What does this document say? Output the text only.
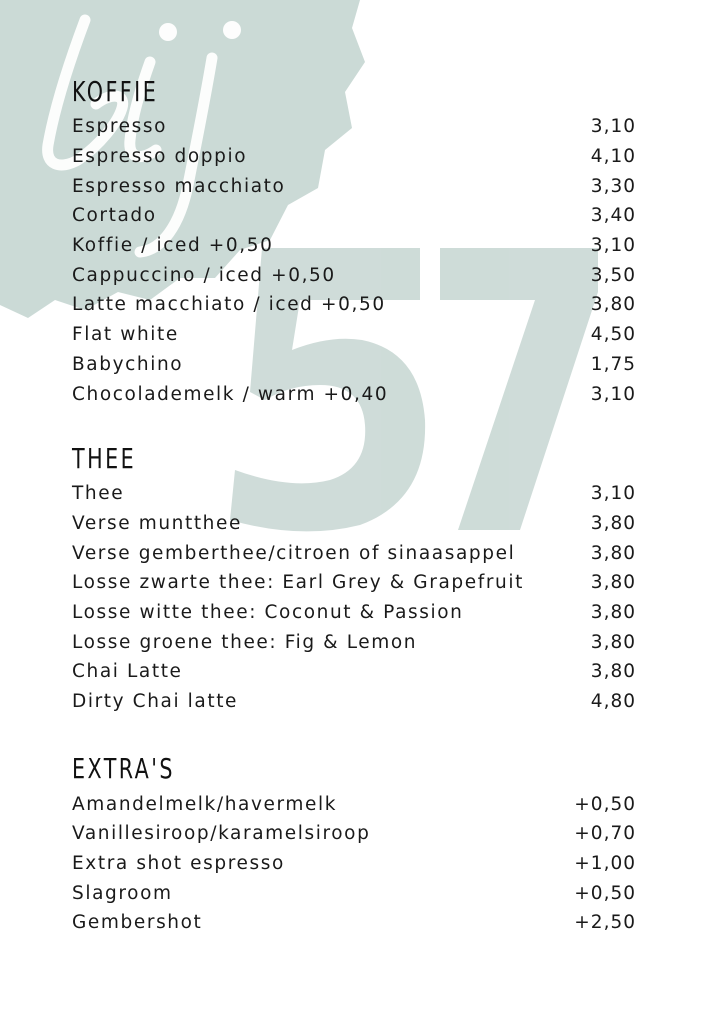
KOFFIE
Espresso	3,10
Espresso doppio	4,10
Espresso macchiato	3,30
Cortado	3,40
Koffie / iced +0,50	3,10
Cappuccino / iced +0,50	3,50
Latte macchiato / iced +0,50	3,80
Flat white	4,50
Babychino	1,75
Chocolademelk / warm +0,40	3,10
THEE
Thee	3,10
Verse muntthee	3,80
Verse gemberthee/citroen of sinaasappel	3,80
Losse zwarte thee: Earl Grey & Grapefruit	3,80
Losse witte thee: Coconut & Passion	3,80
Losse groene thee: Fig & Lemon	3,80
Chai Latte	3,80
Dirty Chai latte	4,80
EXTRA'S
Amandelmelk/havermelk	+0,50
Vanillesiroop/karamelsiroop	+0,70
Extra shot espresso	+1,00
Slagroom	+0,50
Gembershot	+2,50
